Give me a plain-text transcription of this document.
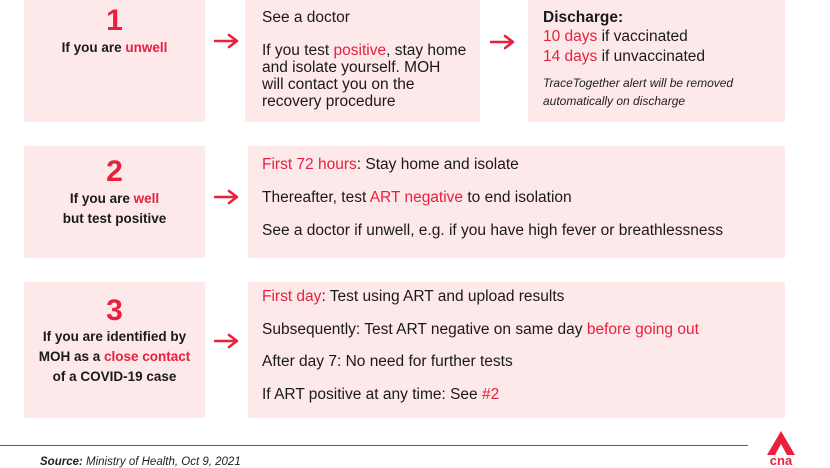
1
If you are unwell
See a doctor
If you test positive, stay home
and isolate yourself. MOH
will contact you on the
recovery procedure
Discharge:
10 days if vaccinated
14 days if unvaccinated
TraceTogether alert will be removed
automatically on discharge
2
If you are well
but test positive
First 72 hours: Stay home and isolate
Thereafter, test ART negative to end isolation
See a doctor if unwell, e.g. if you have high fever or breathlessness
3
If you are identified by
MOH as a close contact
of a COVID-19 case
First day: Test using ART and upload results
Subsequently: Test ART negative on same day before going out
After day 7: No need for further tests
If ART positive at any time: See #2
Source: Ministry of Health, Oct 9, 2021	cna
